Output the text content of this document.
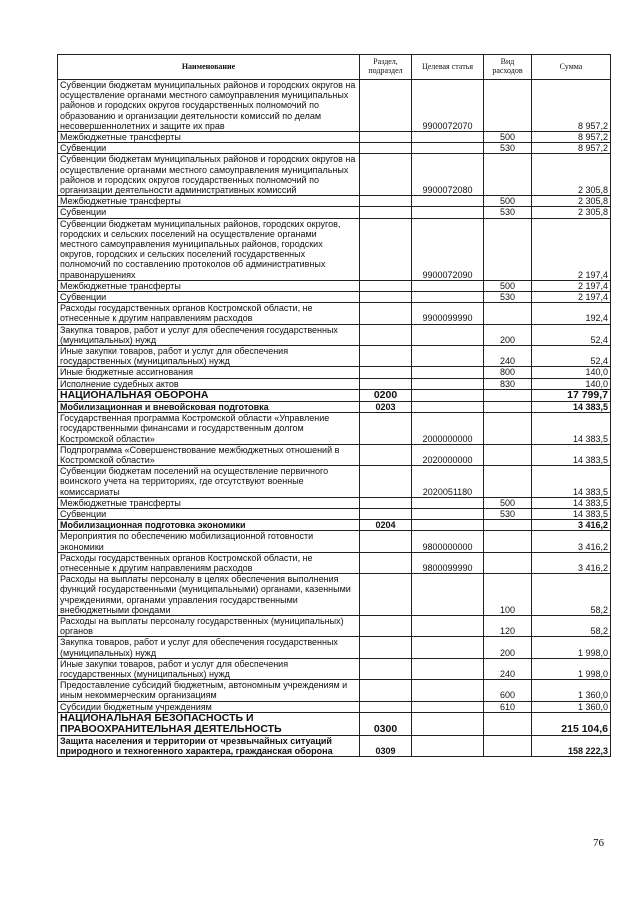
Наименование	Раздел, подраздел	Целевая статья	Вид расходов	Сумма
Субвенции бюджетам муниципальных районов и городских округов на осуществление органами местного самоуправления муниципальных районов и городских округов государственных полномочий по образованию и организации деятельности комиссий по делам несовершеннолетних и защите их прав		9900072070		8 957,2
Межбюджетные трансферты			500	8 957,2
Субвенции			530	8 957,2
Субвенции бюджетам муниципальных районов и городских округов на осуществление органами местного самоуправления муниципальных районов и городских округов государственных полномочий по организации деятельности административных комиссий		9900072080		2 305,8
Межбюджетные трансферты			500	2 305,8
Субвенции			530	2 305,8
Субвенции бюджетам муниципальных районов, городских округов, городских и сельских поселений на осуществление органами местного самоуправления муниципальных районов, городских округов, городских и сельских поселений государственных полномочий по составлению протоколов об административных правонарушениях		9900072090		2 197,4
Межбюджетные трансферты			500	2 197,4
Субвенции			530	2 197,4
Расходы государственных органов Костромской области, не отнесенные к другим направлениям расходов		9900099990		192,4
Закупка товаров, работ и услуг для обеспечения государственных (муниципальных) нужд			200	52,4
Иные закупки товаров, работ и услуг для обеспечения государственных (муниципальных) нужд			240	52,4
Иные бюджетные ассигнования			800	140,0
Исполнение судебных актов			830	140,0
НАЦИОНАЛЬНАЯ ОБОРОНА	0200			17 799,7
Мобилизационная и вневойсковая подготовка	0203			14 383,5
Государственная программа Костромской области «Управление государственными финансами и государственным долгом Костромской области»		2000000000		14 383,5
Подпрограмма «Совершенствование межбюджетных отношений в Костромской области»		2020000000		14 383,5
Субвенции бюджетам поселений на осуществление первичного воинского учета на территориях, где отсутствуют военные комиссариаты		2020051180		14 383,5
Межбюджетные трансферты			500	14 383,5
Субвенции			530	14 383,5
Мобилизационная подготовка экономики	0204			3 416,2
Мероприятия по обеспечению мобилизационной готовности экономики		9800000000		3 416,2
Расходы государственных органов Костромской области, не отнесенные к другим направлениям расходов		9800099990		3 416,2
Расходы на выплаты персоналу в целях обеспечения выполнения функций государственными (муниципальными) органами, казенными учреждениями, органами управления государственными внебюджетными фондами			100	58,2
Расходы на выплаты персоналу государственных (муниципальных) органов			120	58,2
Закупка товаров, работ и услуг для обеспечения государственных (муниципальных) нужд			200	1 998,0
Иные закупки товаров, работ и услуг для обеспечения государственных (муниципальных) нужд			240	1 998,0
Предоставление субсидий бюджетным, автономным учреждениям и иным некоммерческим организациям			600	1 360,0
Субсидии бюджетным учреждениям			610	1 360,0
НАЦИОНАЛЬНАЯ БЕЗОПАСНОСТЬ И ПРАВООХРАНИТЕЛЬНАЯ ДЕЯТЕЛЬНОСТЬ	0300			215 104,6
Защита населения и территории от чрезвычайных ситуаций природного и техногенного характера, гражданская оборона	0309			158 222,3
76
